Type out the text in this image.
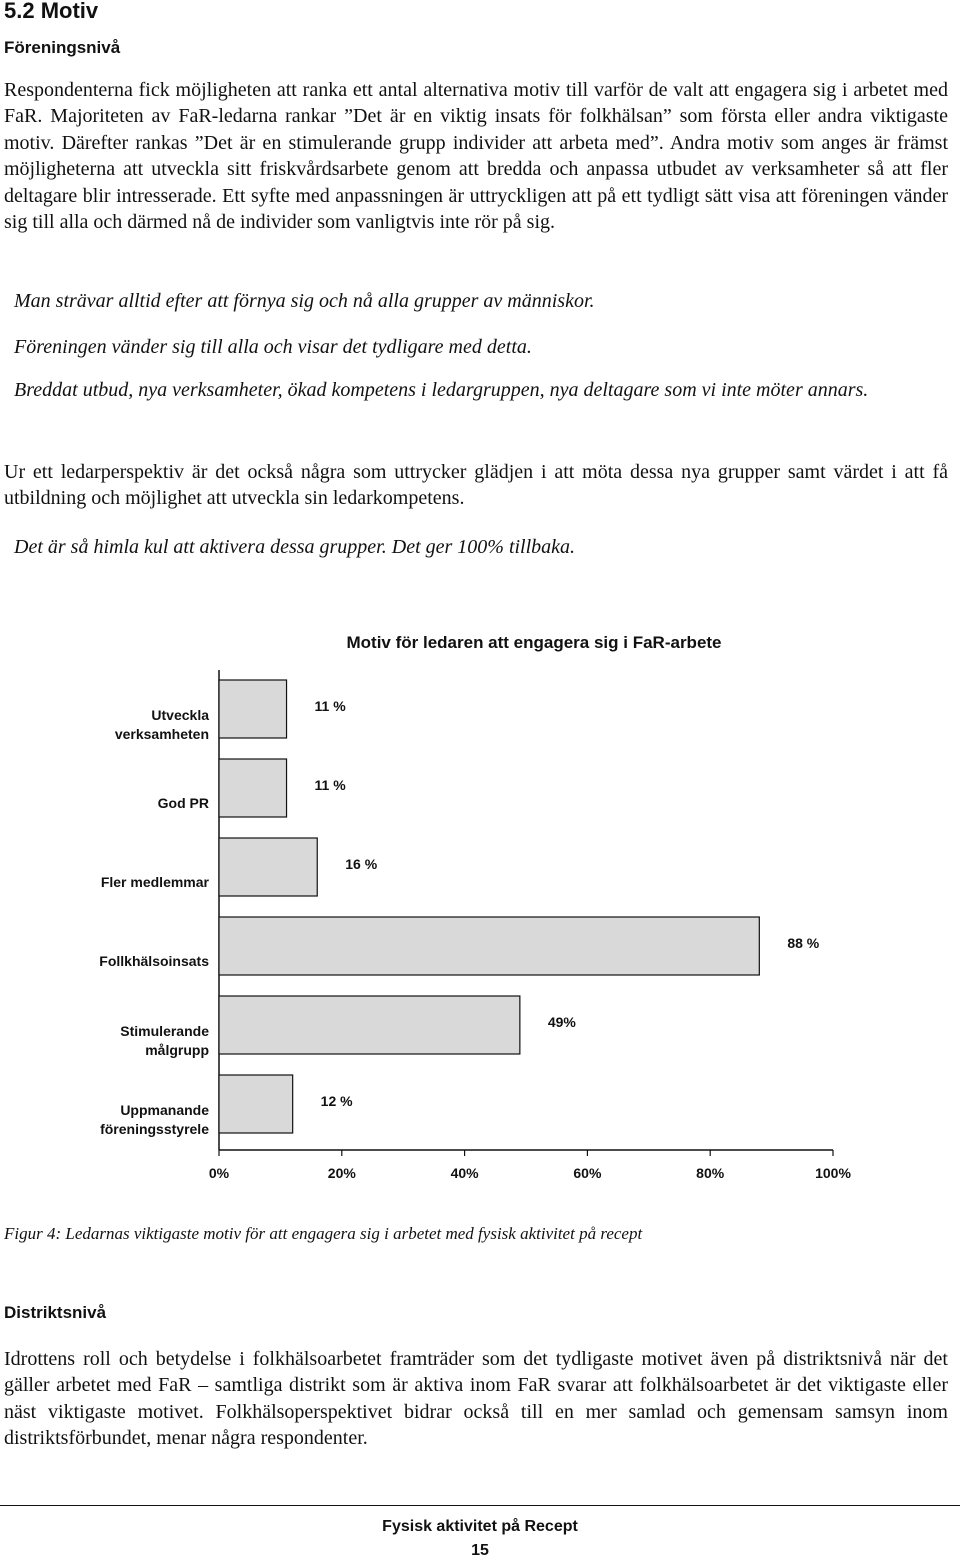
5.2 Motiv
Föreningsnivå

Respondenterna fick möjligheten att ranka ett antal alternativa motiv till varför de valt att engagera sig i arbetet med FaR. Majoriteten av FaR-ledarna rankar ”Det är en viktig insats för folkhälsan” som första eller andra viktigaste motiv. Därefter rankas ”Det är en stimulerande grupp individer att arbeta med”. Andra motiv som anges är främst möjligheterna att utveckla sitt friskvårdsarbete genom att bredda och anpassa utbudet av verksamheter så att fler deltagare blir intresserade. Ett syfte med anpassningen är uttryckligen att på ett tydligt sätt visa att föreningen vänder sig till alla och därmed nå de individer som vanligtvis inte rör på sig.

Man strävar alltid efter att förnya sig och nå alla grupper av människor.

Föreningen vänder sig till alla och visar det tydligare med detta.

Breddat utbud, nya verksamheter, ökad kompetens i ledargruppen, nya deltagare som vi inte möter annars.

Ur ett ledarperspektiv är det också några som uttrycker glädjen i att möta dessa nya grupper samt värdet i att få utbildning och möjlighet att utveckla sin ledarkompetens.

Det är så himla kul att aktivera dessa grupper. Det ger 100% tillbaka.

Motiv för ledaren att engagera sig i FaR-arbete
11 %
Utveckla
verksamheten
11 %
God PR
16 %
Fler medlemmar
88 %
Follkhälsoinsats
49%
Stimulerande
målgrupp
12 %
Uppmanande
föreningsstyrele
0%	20%	40%	60%	80%	100%
Figur 4: Ledarnas viktigaste motiv för att engagera sig i arbetet med fysisk aktivitet på recept
Distriktsnivå

Idrottens roll och betydelse i folkhälsoarbetet framträder som det tydligaste motivet även på distriktsnivå när det gäller arbetet med FaR – samtliga distrikt som är aktiva inom FaR svarar att folkhälsoarbetet är det viktigaste eller näst viktigaste motivet. Folkhälsoperspektivet bidrar också till en mer samlad och gemensam samsyn inom distriktsförbundet, menar några respondenter.

Fysisk aktivitet på Recept
15
